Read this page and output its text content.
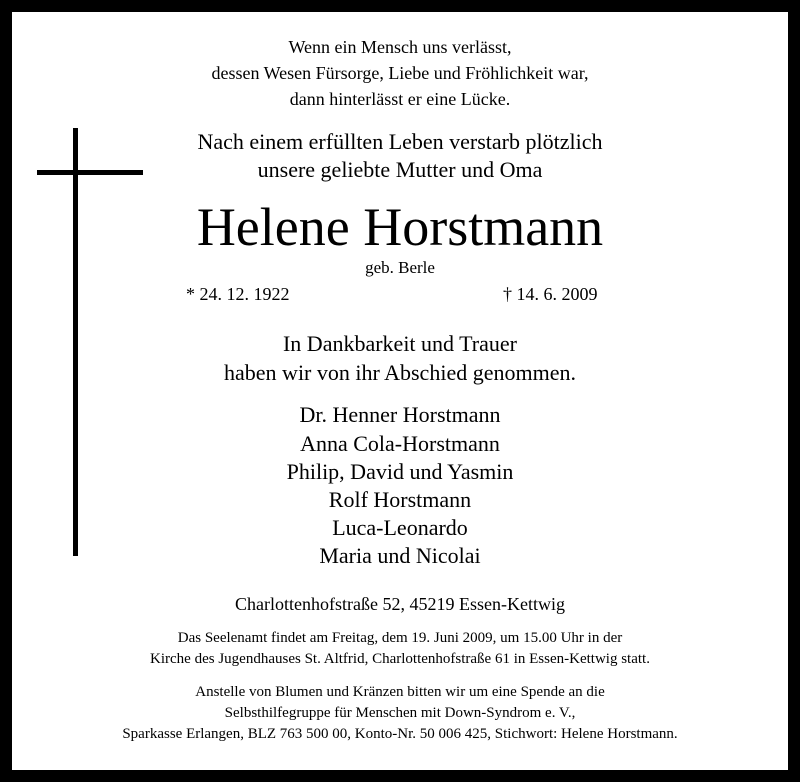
Wenn ein Mensch uns verlässt,
dessen Wesen Fürsorge, Liebe und Fröhlichkeit war,
dann hinterlässt er eine Lücke.
Nach einem erfüllten Leben verstarb plötzlich
unsere geliebte Mutter und Oma
Helene Horstmann
geb. Berle
* 24. 12. 1922	† 14. 6. 2009
In Dankbarkeit und Trauer
haben wir von ihr Abschied genommen.
Dr. Henner Horstmann
Anna Cola-Horstmann
Philip, David und Yasmin
Rolf Horstmann
Luca-Leonardo
Maria und Nicolai
Charlottenhofstraße 52, 45219 Essen-Kettwig
Das Seelenamt findet am Freitag, dem 19. Juni 2009, um 15.00 Uhr in der
Kirche des Jugendhauses St. Altfrid, Charlottenhofstraße 61 in Essen-Kettwig statt.
Anstelle von Blumen und Kränzen bitten wir um eine Spende an die
Selbsthilfegruppe für Menschen mit Down-Syndrom e. V.,
Sparkasse Erlangen, BLZ 763 500 00, Konto-Nr. 50 006 425, Stichwort: Helene Horstmann.
